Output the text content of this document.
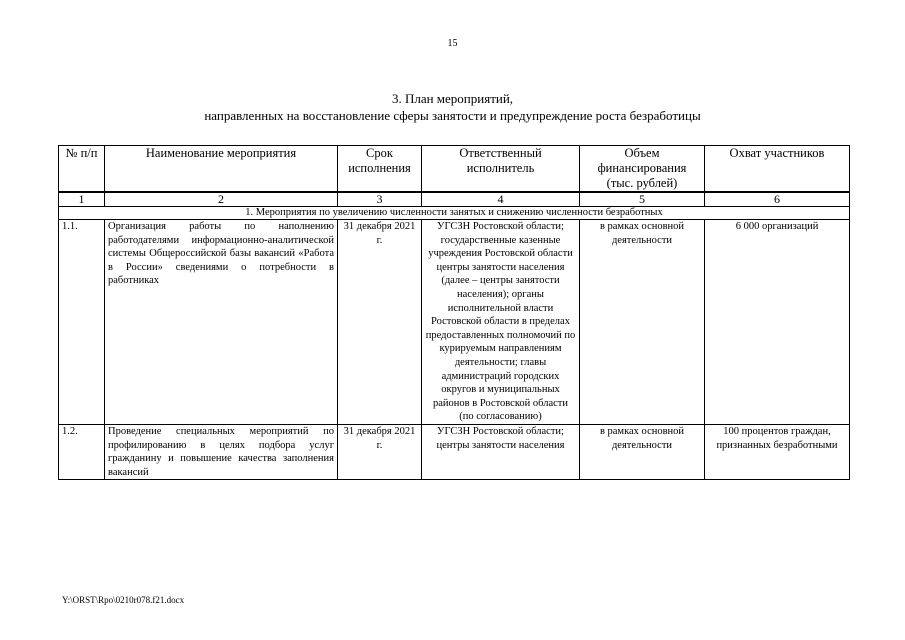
15
3. План мероприятий,
направленных на восстановление сферы занятости и предупреждение роста безработицы
№ п/п	Наименование мероприятия	Срок исполнения	Ответственный исполнитель	Объем финансирования (тыс. рублей)	Охват участников
1	2	3	4	5	6
1. Мероприятия по увеличению численности занятых и снижению численности безработных					
1.1.	Организация работы по наполнению работодателями информационно-аналитической системы Общероссийской базы вакансий «Работа в России» сведениями о потребности в работниках	31 декабря 2021 г.	УГСЗН Ростовской области; государственные казенные учреждения Ростовской области центры занятости населения (далее – центры занятости населения); органы исполнительной власти Ростовской области в пределах предоставленных полномочий по курируемым направлениям деятельности; главы администраций городских округов и муниципальных районов в Ростовской области (по согласованию)	в рамках основной деятельности	6 000 организаций
1.2.	Проведение специальных мероприятий по профилированию в целях подбора услуг гражданину и повышение качества заполнения вакансий	31 декабря 2021 г.	УГСЗН Ростовской области; центры занятости населения	в рамках основной деятельности	100 процентов граждан, признанных безработными
Y:\ORST\Rpo\0210r078.f21.docx
